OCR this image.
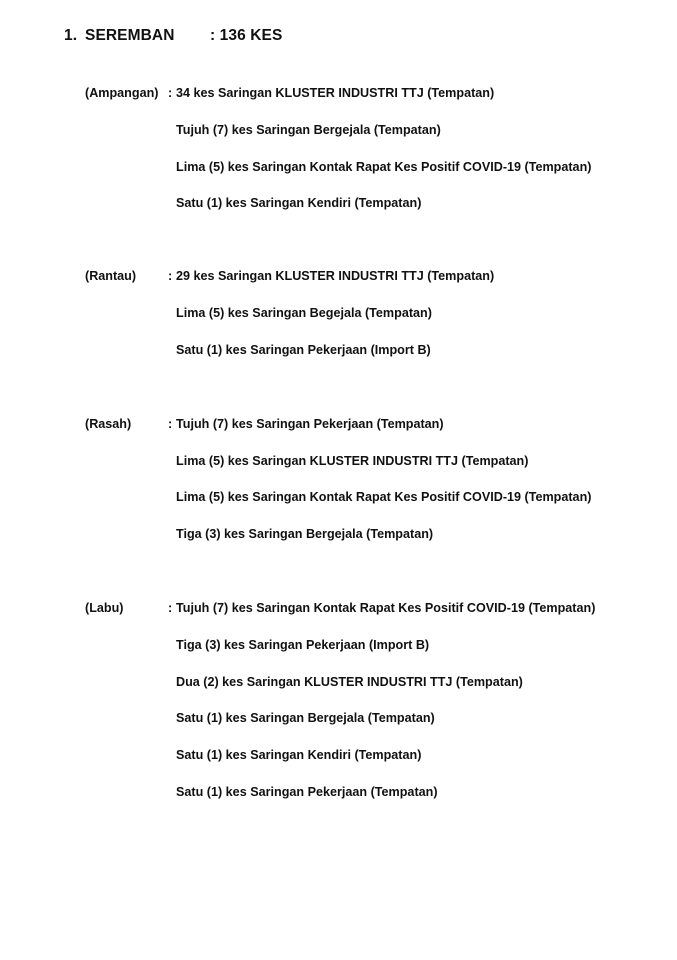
1. SEREMBAN : 136 KES
(Ampangan) : 34 kes Saringan KLUSTER INDUSTRI TTJ (Tempatan)
Tujuh (7) kes Saringan Bergejala (Tempatan)
Lima (5) kes Saringan Kontak Rapat Kes Positif COVID-19 (Tempatan)
Satu (1) kes Saringan Kendiri (Tempatan)
(Rantau)	: 29 kes Saringan KLUSTER INDUSTRI TTJ (Tempatan)
Lima (5) kes Saringan Begejala (Tempatan)
Satu (1) kes Saringan Pekerjaan (Import B)
(Rasah)	: Tujuh (7) kes Saringan Pekerjaan (Tempatan)
Lima (5) kes Saringan KLUSTER INDUSTRI TTJ (Tempatan)
Lima (5) kes Saringan Kontak Rapat Kes Positif COVID-19 (Tempatan)
Tiga (3) kes Saringan Bergejala (Tempatan)
(Labu)	: Tujuh (7) kes Saringan Kontak Rapat Kes Positif COVID-19 (Tempatan)
Tiga (3) kes Saringan Pekerjaan (Import B)
Dua (2) kes Saringan KLUSTER INDUSTRI TTJ (Tempatan)
Satu (1) kes Saringan Bergejala (Tempatan)
Satu (1) kes Saringan Kendiri (Tempatan)
Satu (1) kes Saringan Pekerjaan (Tempatan)
